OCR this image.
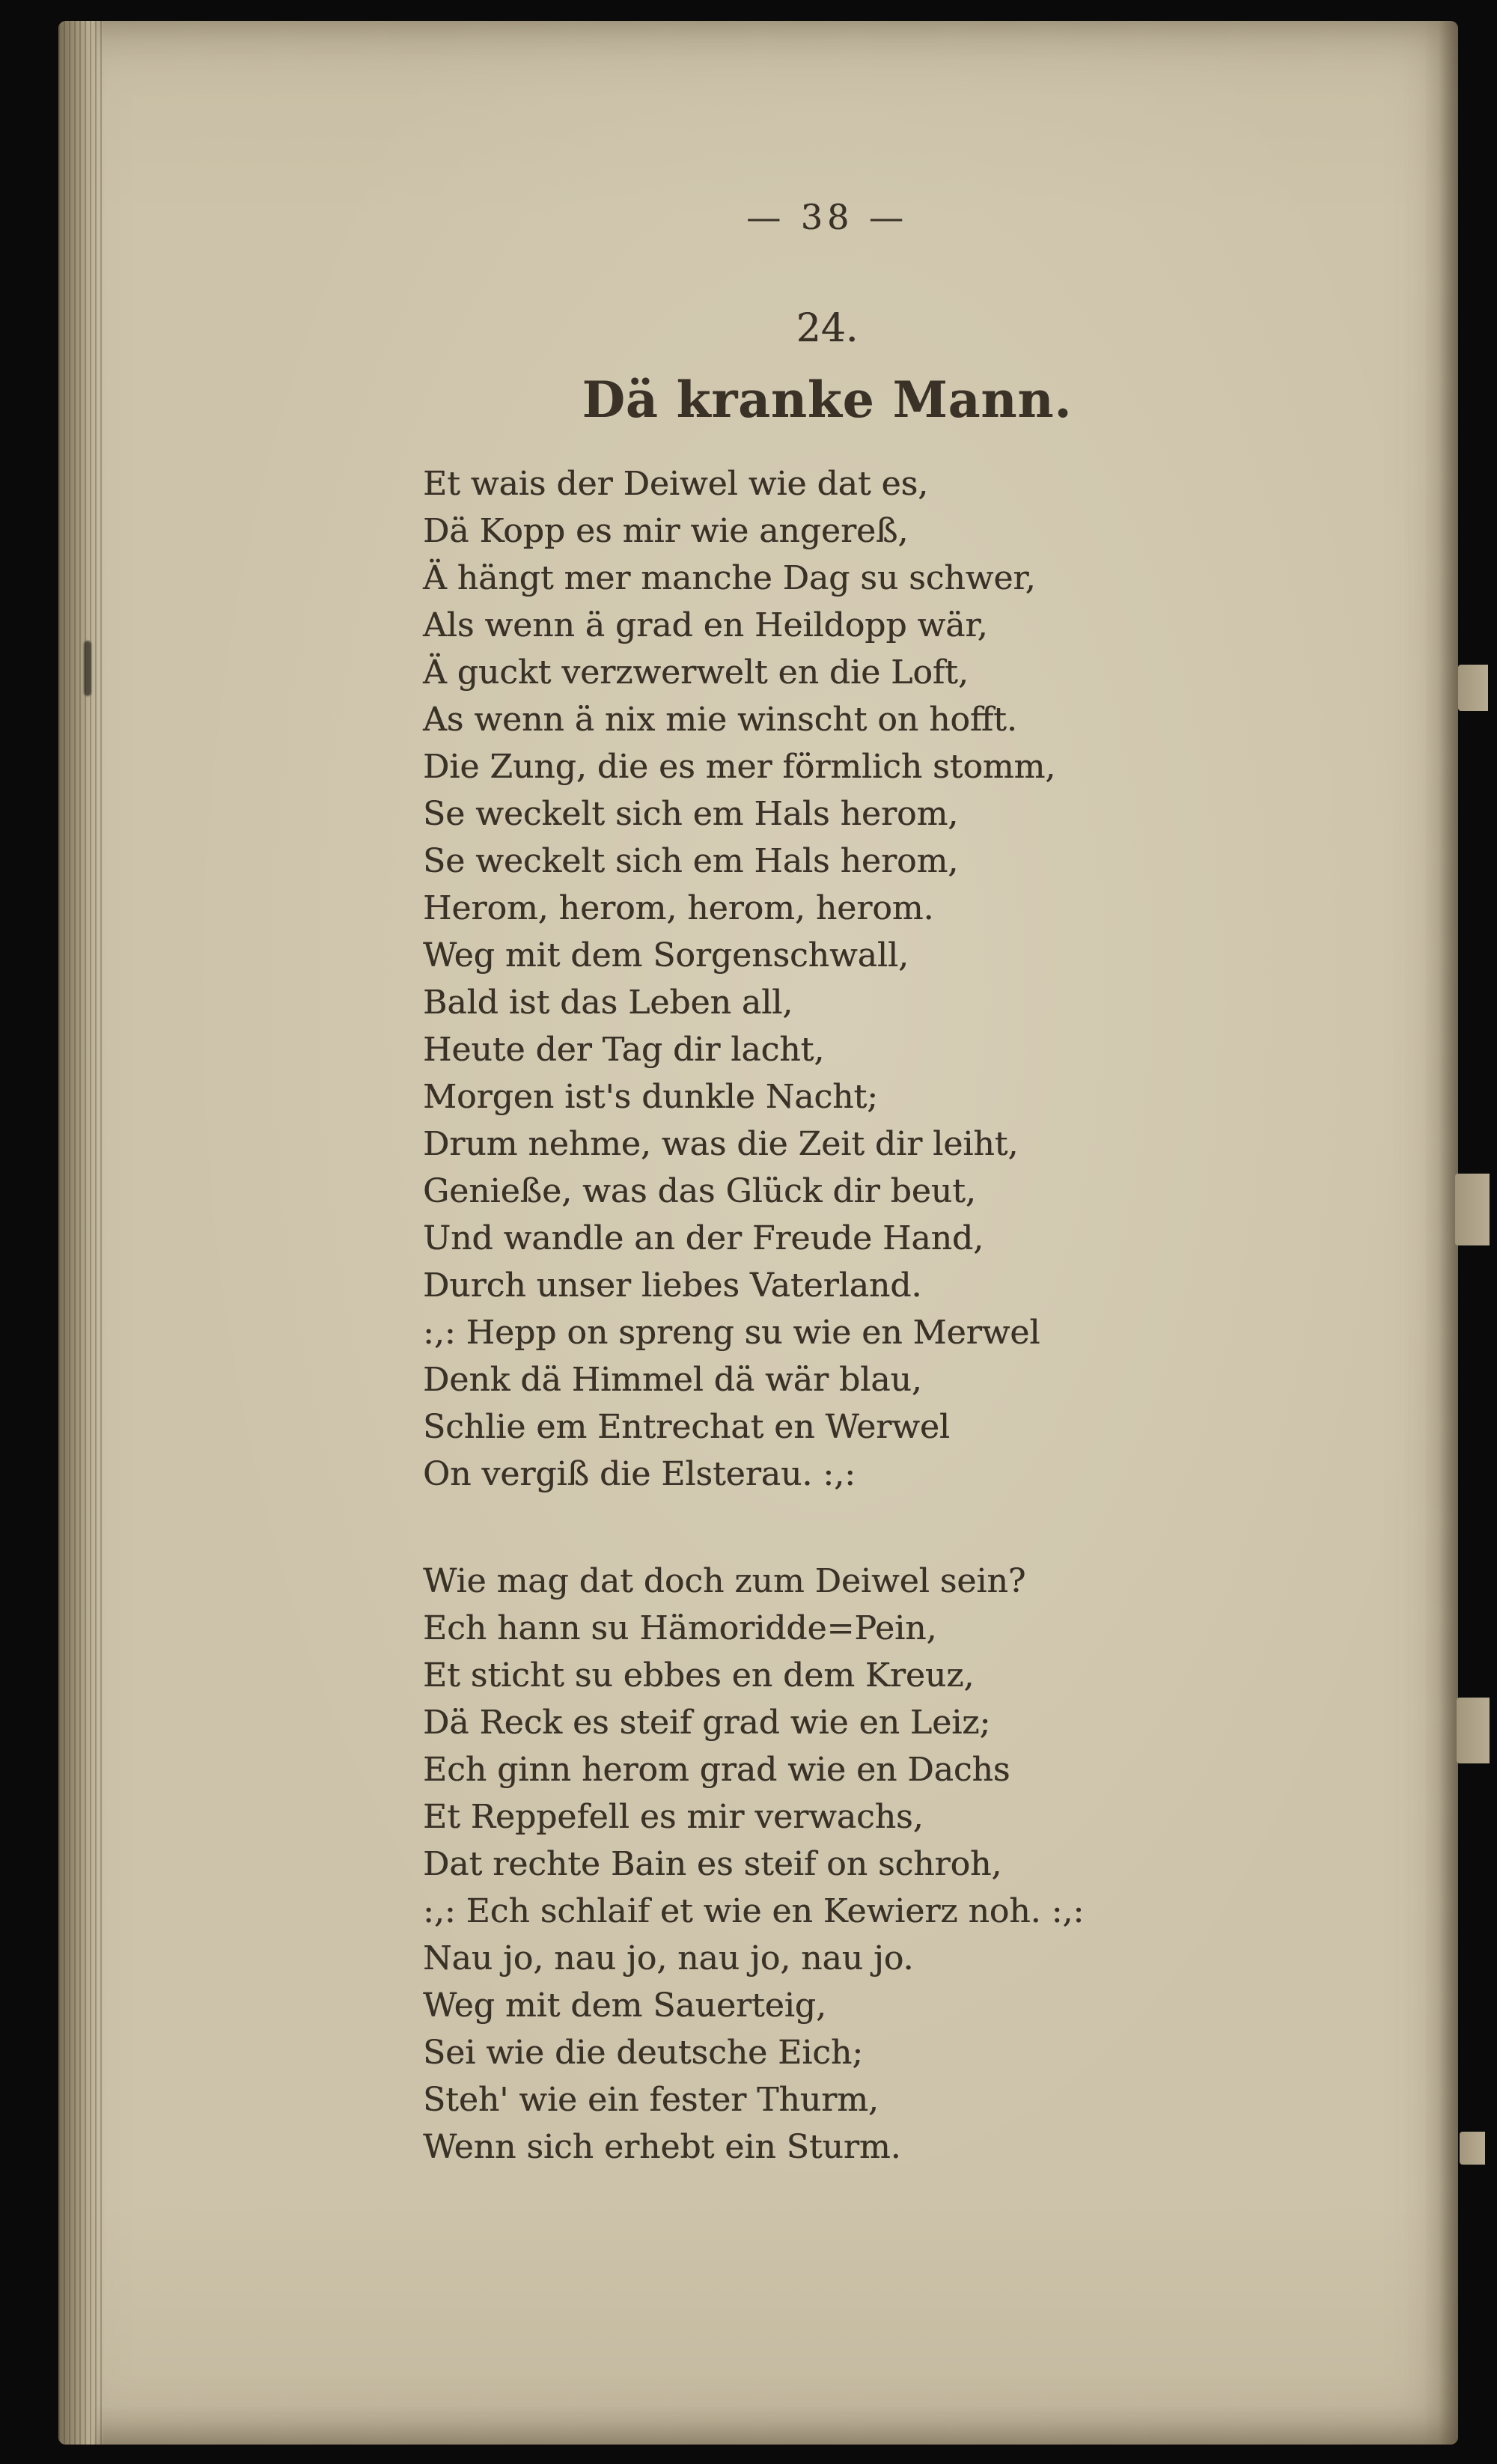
— 38 —
24.
Dä kranke Mann.
Et wais der Deiwel wie dat es,
Dä Kopp es mir wie angereß,
Ä hängt mer manche Dag su schwer,
Als wenn ä grad en Heildopp wär,
Ä guckt verzwerwelt en die Loft,
As wenn ä nix mie winscht on hofft.
Die Zung, die es mer förmlich stomm,
Se weckelt sich em Hals herom,
Se weckelt sich em Hals herom,
Herom, herom, herom, herom.
Weg mit dem Sorgenschwall,
Bald ist das Leben all,
Heute der Tag dir lacht,
Morgen ist's dunkle Nacht;
Drum nehme, was die Zeit dir leiht,
Genieße, was das Glück dir beut,
Und wandle an der Freude Hand,
Durch unser liebes Vaterland.
:,: Hepp on spreng su wie en Merwel
Denk dä Himmel dä wär blau,
Schlie em Entrechat en Werwel
On vergiß die Elsterau. :,:
Wie mag dat doch zum Deiwel sein?
Ech hann su Hämoridde=Pein,
Et sticht su ebbes en dem Kreuz,
Dä Reck es steif grad wie en Leiz;
Ech ginn herom grad wie en Dachs
Et Reppefell es mir verwachs,
Dat rechte Bain es steif on schroh,
:,: Ech schlaif et wie en Kewierz noh. :,:
Nau jo, nau jo, nau jo, nau jo.
Weg mit dem Sauerteig,
Sei wie die deutsche Eich;
Steh' wie ein fester Thurm,
Wenn sich erhebt ein Sturm.
